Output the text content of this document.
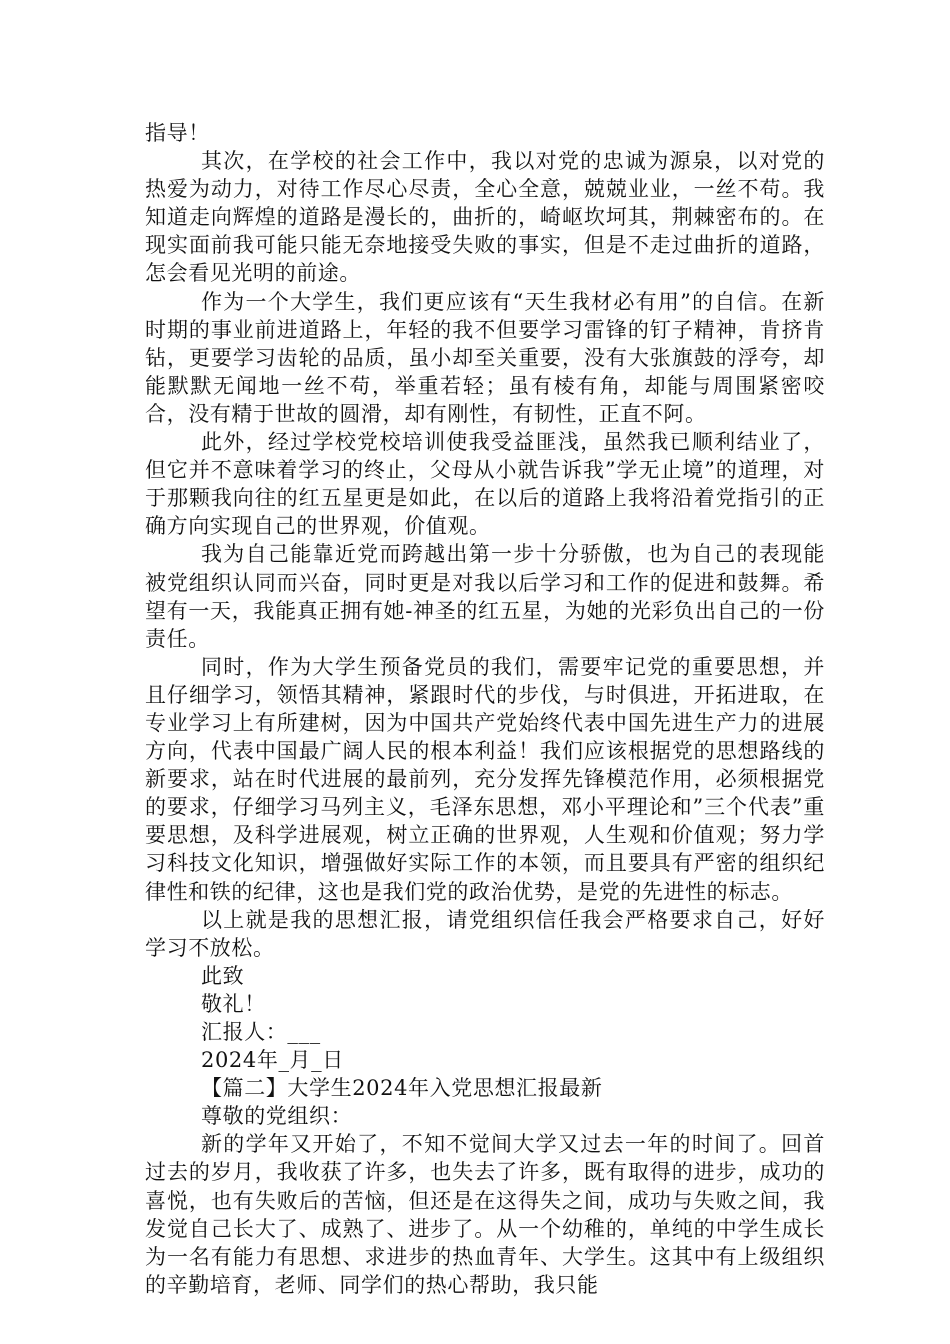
指导！

其次，在学校的社会工作中，我以对党的忠诚为源泉，以对党的热爱为动力，对待工作尽心尽责，全心全意，兢兢业业，一丝不苟。我知道走向辉煌的道路是漫长的，曲折的，崎岖坎坷其，荆棘密布的。在现实面前我可能只能无奈地接受失败的事实，但是不走过曲折的道路，怎会看见光明的前途。

作为一个大学生，我们更应该有“天生我材必有用”的自信。在新时期的事业前进道路上，年轻的我不但要学习雷锋的钉子精神，肯挤肯钻，更要学习齿轮的品质，虽小却至关重要，没有大张旗鼓的浮夸，却能默默无闻地一丝不苟，举重若轻；虽有棱有角，却能与周围紧密咬合，没有精于世故的圆滑，却有刚性，有韧性，正直不阿。

此外，经过学校党校培训使我受益匪浅，虽然我已顺利结业了，但它并不意味着学习的终止，父母从小就告诉我”学无止境”的道理，对于那颗我向往的红五星更是如此，在以后的道路上我将沿着党指引的正确方向实现自己的世界观，价值观。

我为自己能靠近党而跨越出第一步十分骄傲，也为自己的表现能被党组织认同而兴奋，同时更是对我以后学习和工作的促进和鼓舞。希望有一天，我能真正拥有她-神圣的红五星，为她的光彩负出自己的一份责任。

同时，作为大学生预备党员的我们，需要牢记党的重要思想，并且仔细学习，领悟其精神，紧跟时代的步伐，与时俱进，开拓进取，在专业学习上有所建树，因为中国共产党始终代表中国先进生产力的进展方向，代表中国最广阔人民的根本利益！我们应该根据党的思想路线的新要求，站在时代进展的最前列，充分发挥先锋模范作用，必须根据党的要求，仔细学习马列主义，毛泽东思想，邓小平理论和”三个代表”重要思想，及科学进展观，树立正确的世界观，人生观和价值观；努力学习科技文化知识，增强做好实际工作的本领，而且要具有严密的组织纪律性和铁的纪律，这也是我们党的政治优势，是党的先进性的标志。

以上就是我的思想汇报，请党组织信任我会严格要求自己，好好学习不放松。

此致

敬礼！

汇报人：___

2024年_月_日

【篇二】大学生2024年入党思想汇报最新

尊敬的党组织：

新的学年又开始了，不知不觉间大学又过去一年的时间了。回首过去的岁月，我收获了许多，也失去了许多，既有取得的进步，成功的喜悦，也有失败后的苦恼，但还是在这得失之间，成功与失败之间，我发觉自己长大了、成熟了、进步了。从一个幼稚的，单纯的中学生成长为一名有能力有思想、求进步的热血青年、大学生。这其中有上级组织的辛勤培育，老师、同学们的热心帮助，我只能
